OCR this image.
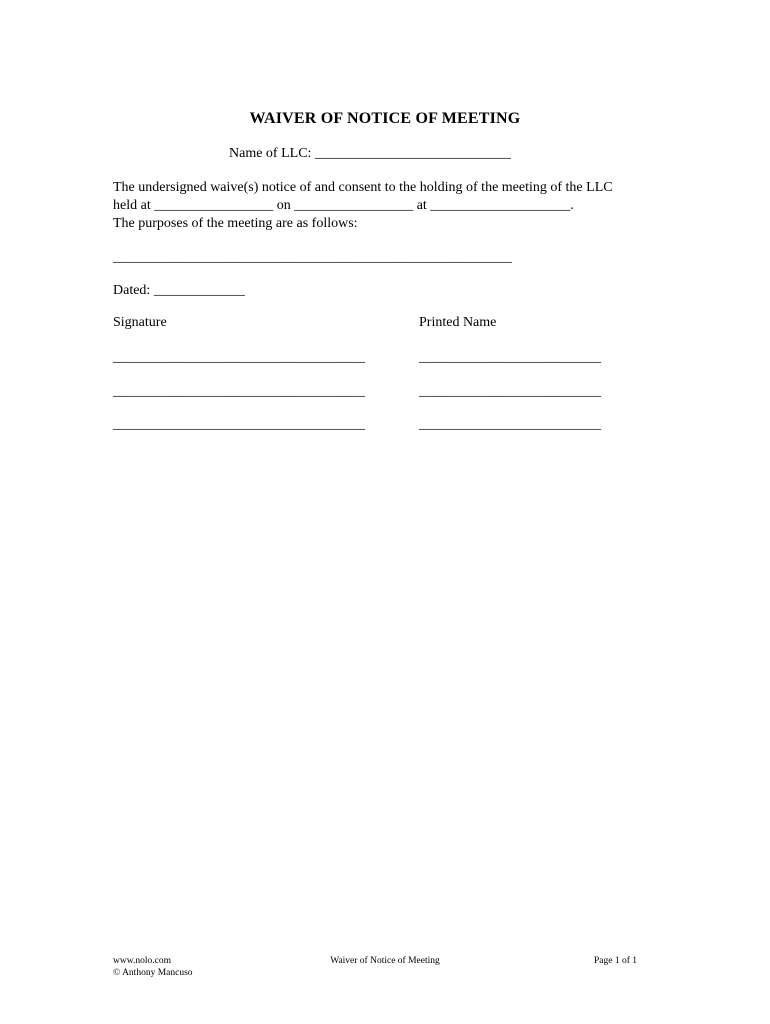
WAIVER OF NOTICE OF MEETING
Name of LLC: ____________________________
The undersigned waive(s) notice of and consent to the holding of the meeting of the LLC
held at _________________ on _________________ at ____________________.
The purposes of the meeting are as follows:
_________________________________________________________
Dated: _____________
Signature	Printed Name
____________________________________	__________________________
____________________________________	__________________________
____________________________________	__________________________
www.nolo.com
© Anthony Mancuso
Waiver of Notice of Meeting	Page 1 of 1
